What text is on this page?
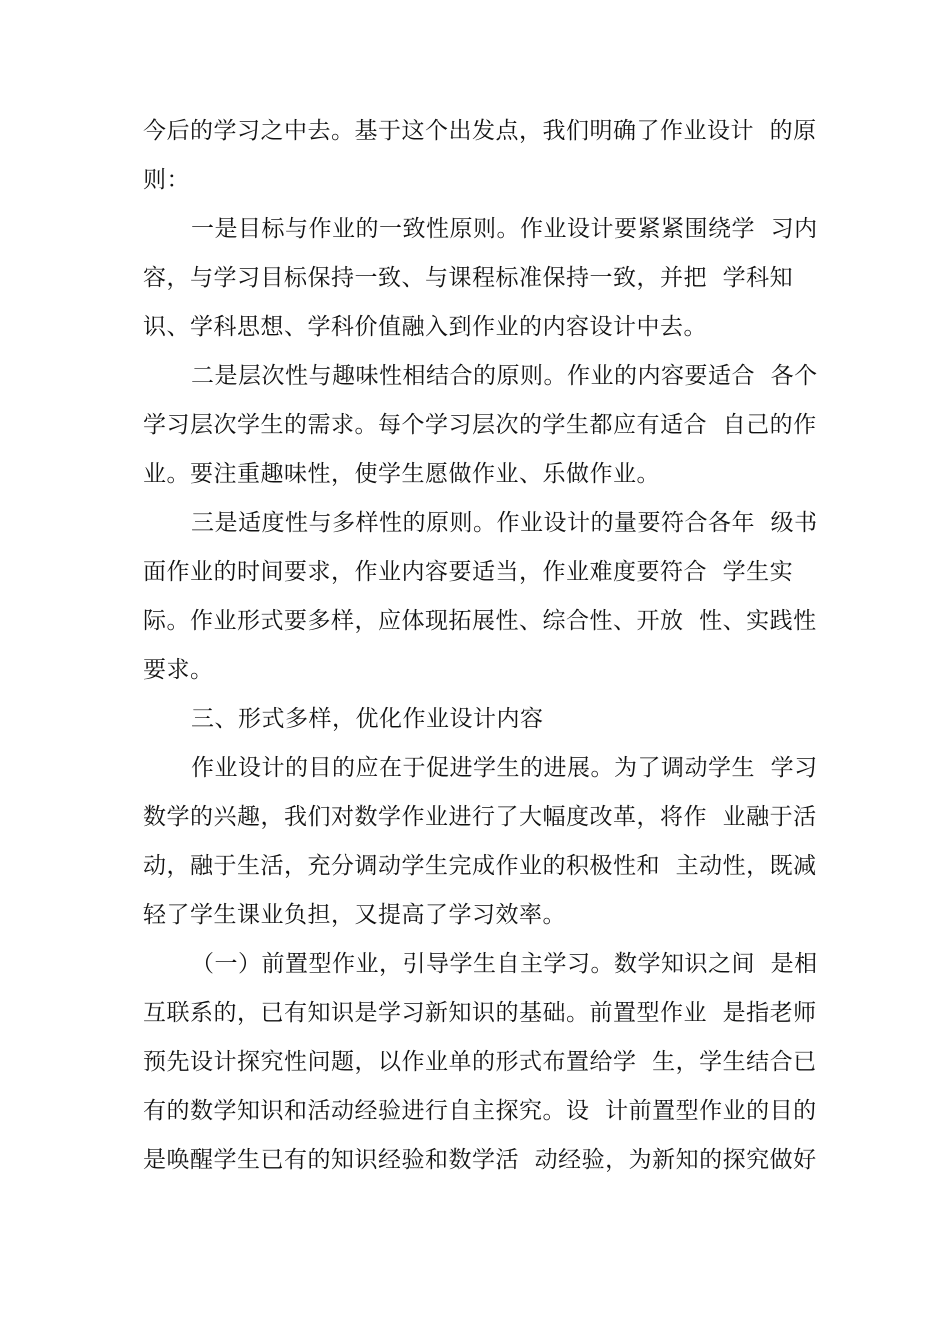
今后的学习之中去。基于这个出发点，我们明确了作业设计  的原
则：
一是目标与作业的一致性原则。作业设计要紧紧围绕学  习内
容，与学习目标保持一致、与课程标准保持一致，并把  学科知
识、学科思想、学科价值融入到作业的内容设计中去。
二是层次性与趣味性相结合的原则。作业的内容要适合  各个
学习层次学生的需求。每个学习层次的学生都应有适合  自己的作
业。要注重趣味性，使学生愿做作业、乐做作业。
三是适度性与多样性的原则。作业设计的量要符合各年  级书
面作业的时间要求，作业内容要适当，作业难度要符合  学生实
际。作业形式要多样，应体现拓展性、综合性、开放  性、实践性
要求。
三、形式多样，优化作业设计内容
作业设计的目的应在于促进学生的进展。为了调动学生  学习
数学的兴趣，我们对数学作业进行了大幅度改革，将作  业融于活
动，融于生活，充分调动学生完成作业的积极性和  主动性，既减
轻了学生课业负担，又提高了学习效率。
（一）前置型作业，引导学生自主学习。数学知识之间  是相
互联系的，已有知识是学习新知识的基础。前置型作业  是指老师
预先设计探究性问题，以作业单的形式布置给学  生，学生结合已
有的数学知识和活动经验进行自主探究。设  计前置型作业的目的
是唤醒学生已有的知识经验和数学活  动经验，为新知的探究做好
